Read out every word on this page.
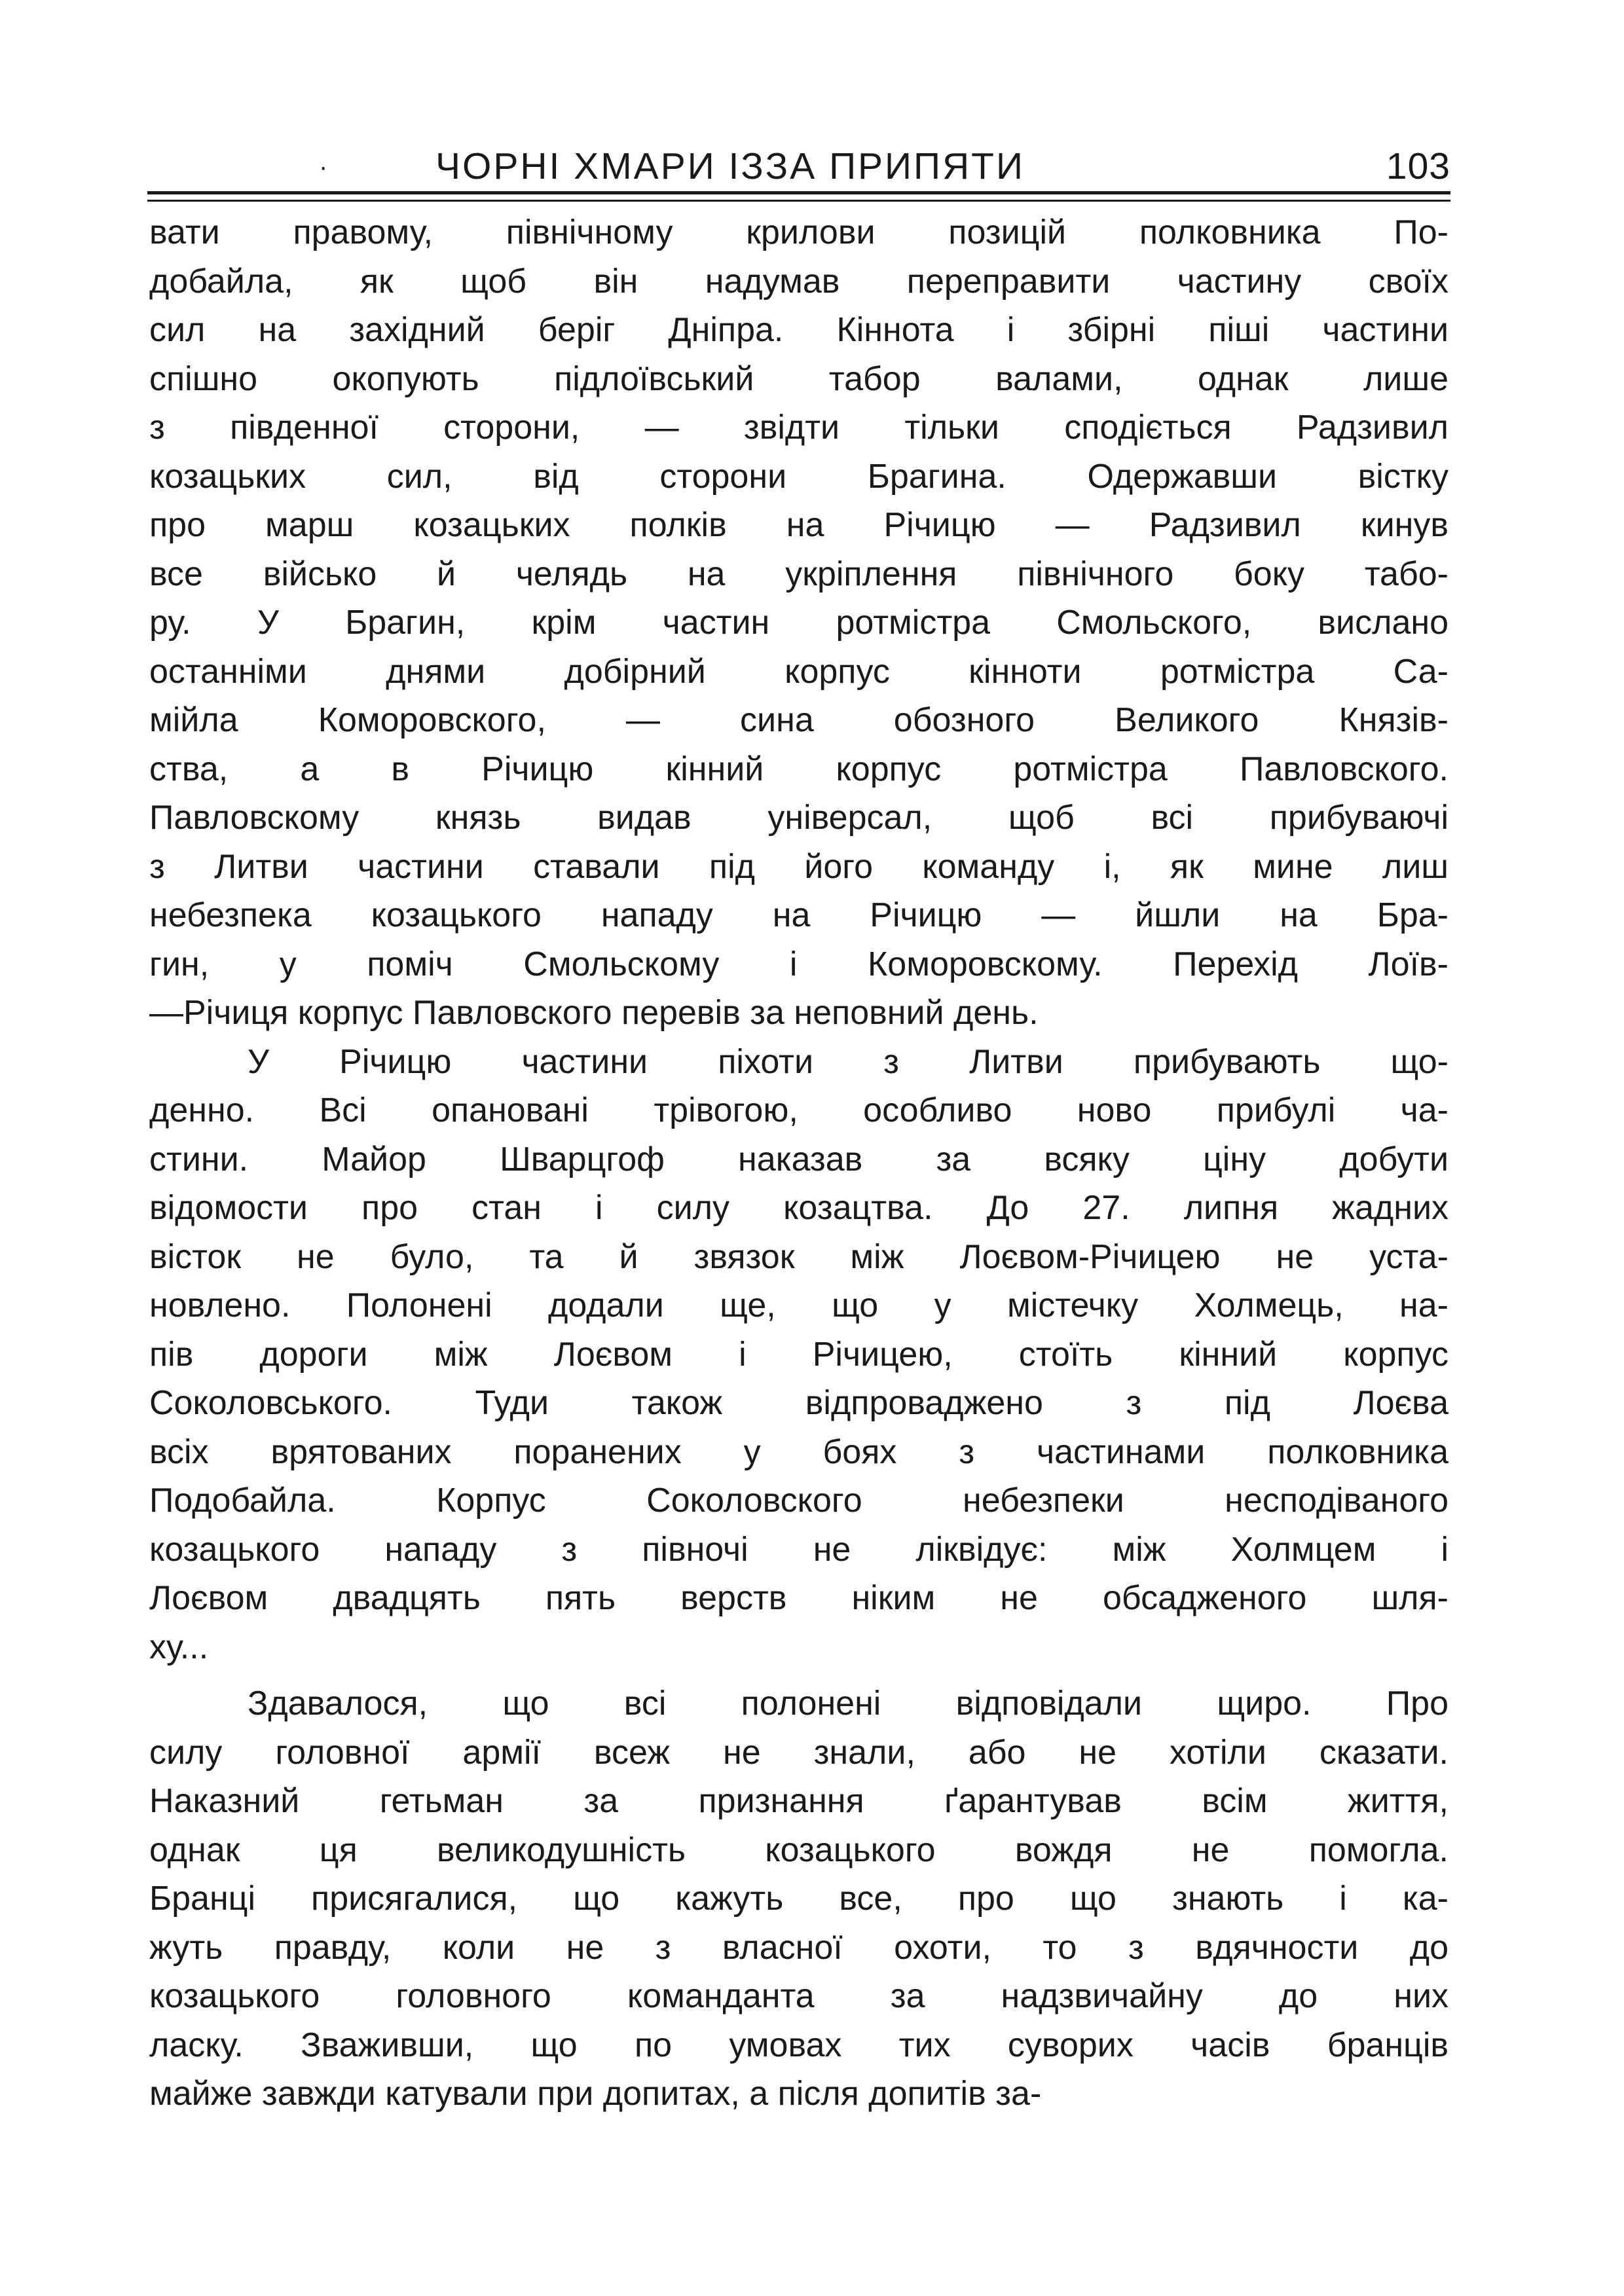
·	ЧОРНІ ХМАРИ ІЗЗА ПРИПЯТИ	103
вати правому, північному крилови позицій полковника По-
добайла, як щоб він надумав переправити частину своїх
сил на західний беріг Дніпра. Кіннота і збірні піші частини
спішно окопують підлоївський табор валами, однак лише
з південної сторони, — звідти тільки сподіється Радзивил
козацьких сил, від сторони Брагина. Одержавши вістку
про марш козацьких полків на Річицю — Радзивил кинув
все військо й челядь на укріплення північного боку табо-
ру. У Брагин, крім частин ротмістра Смольского, вислано
останніми днями добірний корпус кінноти ротмістра Са-
мійла Коморовского, — сина обозного Великого Князів-
ства, а в Річицю кінний корпус ротмістра Павловского.
Павловскому князь видав універсал, щоб всі прибуваючі
з Литви частини ставали під його команду і, як мине лиш
небезпека козацького нападу на Річицю — йшли на Бра-
гин, у поміч Смольскому і Коморовскому. Перехід Лоїв-
—Річиця корпус Павловского перевів за неповний день.
У Річицю частини піхоти з Литви прибувають що-
денно. Всі опановані трівогою, особливо ново прибулі ча-
стини. Майор Шварцгоф наказав за всяку ціну добути
відомости про стан і силу козацтва. До 27. липня жадних
вісток не було, та й звязок між Лоєвом-Річицею не уста-
новлено. Полонені додали ще, що у містечку Холмець, на-
пів дороги між Лоєвом і Річицею, стоїть кінний корпус
Соколовського. Туди також відпроваджено з під Лоєва
всіх врятованих поранених у боях з частинами полковника
Подобайла. Корпус Соколовского небезпеки несподіваного
козацького нападу з півночі не ліквідує: між Холмцем і
Лоєвом двадцять пять верств ніким не обсадженого шля-
ху...
Здавалося, що всі полонені відповідали щиро. Про
силу головної армії всеж не знали, або не хотіли сказати.
Наказний гетьман за признання ґарантував всім життя,
однак ця великодушність козацького вождя не помогла.
Бранці присягалися, що кажуть все, про що знають і ка-
жуть правду, коли не з власної охоти, то з вдячности до
козацького головного команданта за надзвичайну до них
ласку. Зваживши, що по умовах тих суворих часів бранців
майже завжди катували при допитах, а після допитів за-
